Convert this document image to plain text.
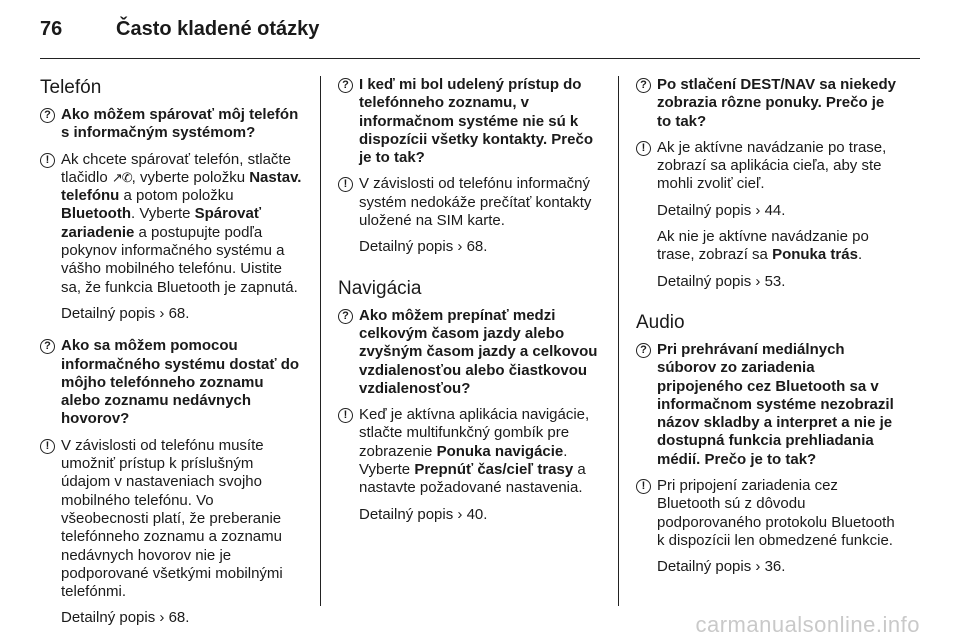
76	Často kladené otázky
Telefón
? Ako môžem spárovať môj telefón s informačným systémom?
! Ak chcete spárovať telefón, stlačte tlačidlo ↗✆, vyberte položku Nastav. telefónu a potom položku Bluetooth. Vyberte Spárovať zariadenie a postupujte podľa pokynov informačného systému a vášho mobilného telefónu. Uistite sa, že funkcia Bluetooth je zapnutá.
Detailný popis › 68.
? Ako sa môžem pomocou informačného systému dostať do môjho telefónneho zoznamu alebo zoznamu nedávnych hovorov?
! V závislosti od telefónu musíte umožniť prístup k príslušným údajom v nastaveniach svojho mobilného telefónu. Vo všeobecnosti platí, že preberanie telefónneho zoznamu a zoznamu nedávnych hovorov nie je podporované všetkými mobilnými telefónmi.
Detailný popis › 68.
? I keď mi bol udelený prístup do telefónneho zoznamu, v informačnom systéme nie sú k dispozícii všetky kontakty. Prečo je to tak?
! V závislosti od telefónu informačný systém nedokáže prečítať kontakty uložené na SIM karte.
Detailný popis › 68.
Navigácia
? Ako môžem prepínať medzi celkovým časom jazdy alebo zvyšným časom jazdy a celkovou vzdialenosťou alebo čiastkovou vzdialenosťou?
! Keď je aktívna aplikácia navigácie, stlačte multifunkčný gombík pre zobrazenie Ponuka navigácie. Vyberte Prepnúť čas/cieľ trasy a nastavte požadované nastavenia.
Detailný popis › 40.
? Po stlačení DEST/NAV sa niekedy zobrazia rôzne ponuky. Prečo je to tak?
! Ak je aktívne navádzanie po trase, zobrazí sa aplikácia cieľa, aby ste mohli zvoliť cieľ.
Detailný popis › 44.
Ak nie je aktívne navádzanie po trase, zobrazí sa Ponuka trás.
Detailný popis › 53.
Audio
? Pri prehrávaní mediálnych súborov zo zariadenia pripojeného cez Bluetooth sa v informačnom systéme nezobrazil názov skladby a interpret a nie je dostupná funkcia prehliadania médií. Prečo je to tak?
! Pri pripojení zariadenia cez Bluetooth sú z dôvodu podporovaného protokolu Bluetooth k dispozícii len obmedzené funkcie.
Detailný popis › 36.
carmanualsonline.info
